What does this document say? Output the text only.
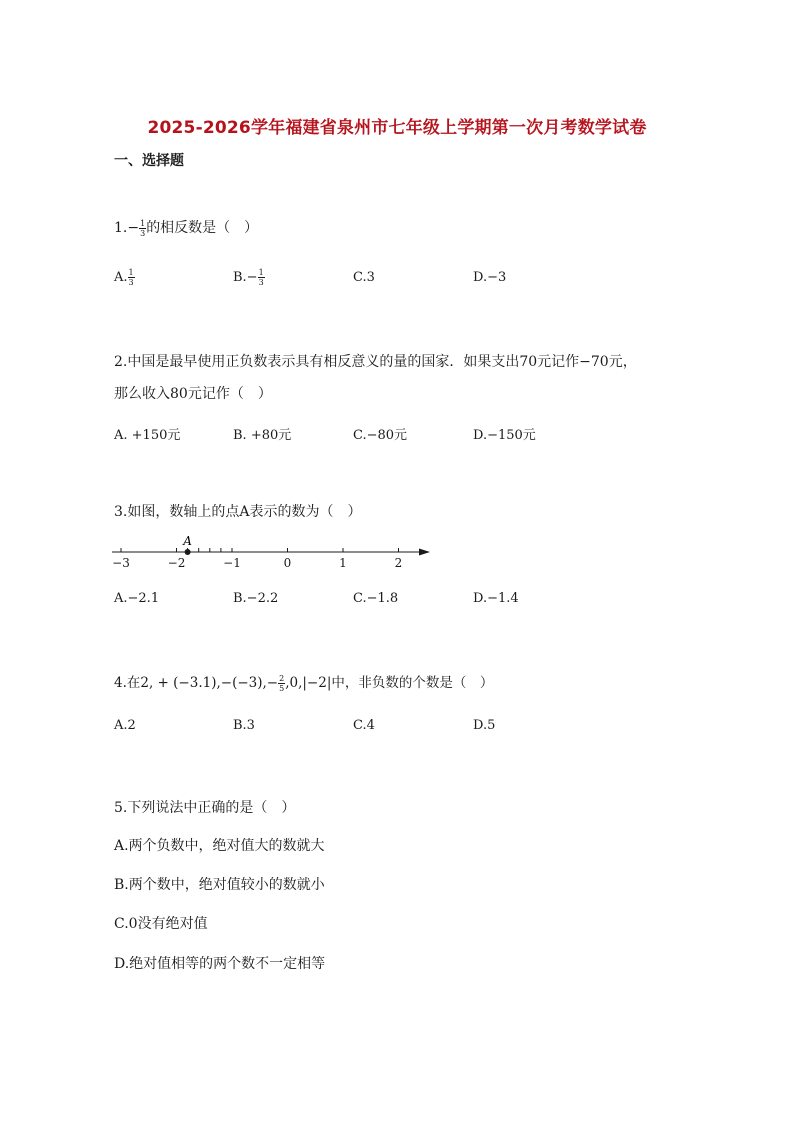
2025-2026学年福建省泉州市七年级上学期第一次月考数学试卷
一、选择题
$1.- \frac{1}{3}$ 的相反数是（　）
A. $\frac{1}{3}$	$B.- \frac{1}{3}$	C.3	D.−3
2.中国是最早使用正负数表示具有相反意义的量的国家．如果支出70元记作−70元，
那么收入80元记作（　）
A. +150元	B. +80元	C.−80元	D.−150元
3.如图，数轴上的点A表示的数为（　）
−3	−2	−1	0	1	2
A
A.−2.1	B.−2.2	C.−1.8	D.−1.4
4.在2, + $(-3.1),-(-3),- \frac{2}{5} ,0,|-2|$中，非负数的个数是（　）
A.2	B.3	C.4	D.5
5.下列说法中正确的是（　）
A.两个负数中，绝对值大的数就大
B.两个数中，绝对值较小的数就小
C.0没有绝对值
D.绝对值相等的两个数不一定相等
